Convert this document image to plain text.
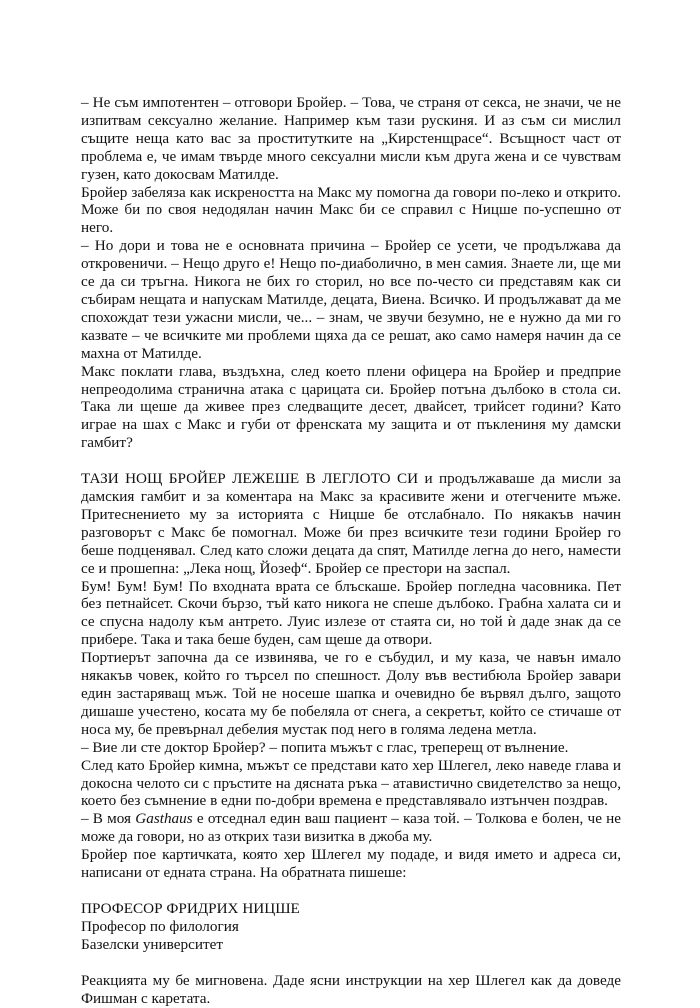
– Не съм импотентен – отговори Бройер. – Това, че страня от секса, не значи, че не изпитвам сексуално желание. Например към тази рускиня. И аз съм си мислил същите неща като вас за проститутките на „Кирстенщрасе“. Всъщност част от проблема е, че имам твърде много сексуални мисли към друга жена и се чувствам гузен, като докосвам Матилде.

Бройер забеляза как искреността на Макс му помогна да говори по-леко и открито. Може би по своя недодялан начин Макс би се справил с Ницше по-успешно от него.

– Но дори и това не е основната причина – Бройер се усети, че продължава да откровеничи. – Нещо друго е! Нещо по-диаболично, в мен самия. Знаете ли, ще ми се да си тръгна. Никога не бих го сторил, но все по-често си представям как си събирам нещата и напускам Матилде, децата, Виена. Всичко. И продължават да ме спохождат тези ужасни мисли, че... – знам, че звучи безумно, не е нужно да ми го казвате – че всичките ми проблеми щяха да се решат, ако само намеря начин да се махна от Матилде.

Макс поклати глава, въздъхна, след което плени офицера на Бройер и предприе непреодолима странична атака с царицата си. Бройер потъна дълбоко в стола си. Така ли щеше да живее през следващите десет, двайсет, трийсет години? Като играе на шах с Макс и губи от френската му защита и от пъклениня му дамски гамбит?

ТАЗИ НОЩ БРОЙЕР ЛЕЖЕШЕ В ЛЕГЛОТО СИ и продължаваше да мисли за дамския гамбит и за коментара на Макс за красивите жени и отегчените мъже. Притеснението му за историята с Ницше бе отслабнало. По някакъв начин разговорът с Макс бе помогнал. Може би през всичките тези години Бройер го беше подценявал. След като сложи децата да спят, Матилде легна до него, намести се и прошепна: „Лека нощ, Йозеф“. Бройер се престори на заспал.

Бум! Бум! Бум! По входната врата се блъскаше. Бройер погледна часовника. Пет без петнайсет. Скочи бързо, тъй като никога не спеше дълбоко. Грабна халата си и се спусна надолу към антрето. Луис излезе от стаята си, но той ѝ даде знак да се прибере. Така и така беше буден, сам щеше да отвори.

Портиерът започна да се извинява, че го е събудил, и му каза, че навън имало някакъв човек, който го търсел по спешност. Долу във вестибюла Бройер завари един застаряващ мъж. Той не носеше шапка и очевидно бе вървял дълго, защото дишаше учестено, косата му бе побеляла от снега, а секретът, който се стичаше от носа му, бе превърнал дебелия мустак под него в голяма ледена метла.

– Вие ли сте доктор Бройер? – попита мъжът с глас, треперещ от вълнение.

След като Бройер кимна, мъжът се представи като хер Шлегел, леко наведе глава и докосна челото си с пръстите на дясната ръка – атавистично свидетелство за нещо, което без съмнение в едни по-добри времена е представлявало изтънчен поздрав.

– В моя Gasthaus е отседнал един ваш пациент – каза той. – Толкова е болен, че не може да говори, но аз открих тази визитка в джоба му.

Бройер пое картичката, която хер Шлегел му подаде, и видя името и адреса си, написани от едната страна. На обратната пишеше:

ПРОФЕСОР ФРИДРИХ НИЦШЕ

Професор по филология

Базелски университет

Реакцията му бе мигновена. Даде ясни инструкции на хер Шлегел как да доведе Фишман с каретата.
